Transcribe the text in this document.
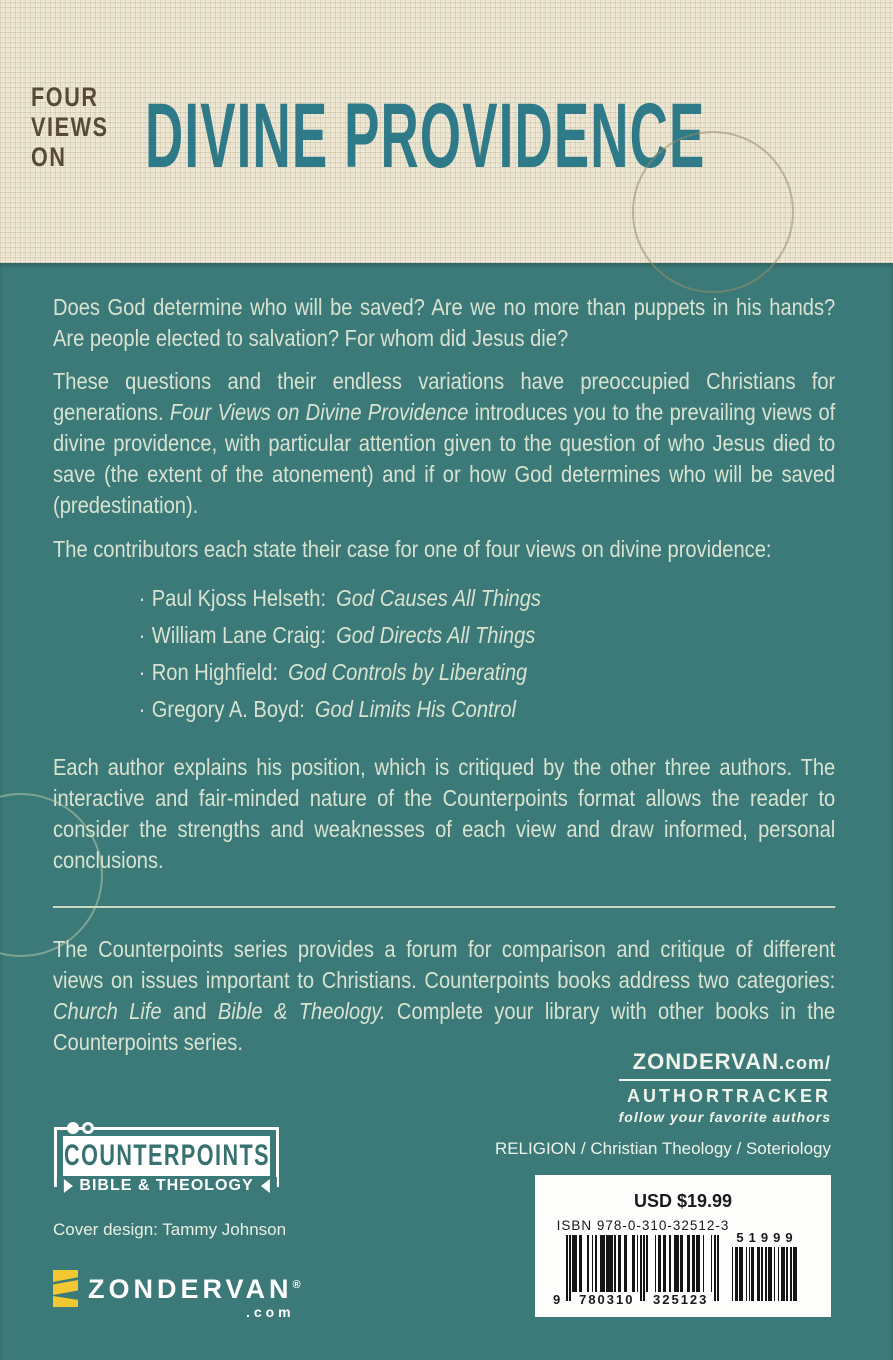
FOUR
VIEWS
ON DIVINE PROVIDENCE

Does God determine who will be saved? Are we no more than puppets in his hands? Are people elected to salvation? For whom did Jesus die?

These questions and their endless variations have preoccupied Christians for generations. Four Views on Divine Providence introduces you to the prevailing views of divine providence, with particular attention given to the question of who Jesus died to save (the extent of the atonement) and if or how God determines who will be saved (predestination).

The contributors each state their case for one of four views on divine providence:

· Paul Kjoss Helseth: God Causes All Things
· William Lane Craig: God Directs All Things
· Ron Highfield: God Controls by Liberating
· Gregory A. Boyd: God Limits His Control

Each author explains his position, which is critiqued by the other three authors. The interactive and fair-minded nature of the Counterpoints format allows the reader to consider the strengths and weaknesses of each view and draw informed, personal conclusions.

The Counterpoints series provides a forum for comparison and critique of different views on issues important to Christians. Counterpoints books address two categories: Church Life and Bible & Theology. Complete your library with other books in the Counterpoints series.

ZONDERVAN.com/
AUTHORTRACKER
follow your favorite authors
RELIGION / Christian Theology / Soteriology
COUNTERPOINTS
BIBLE & THEOLOGY
Cover design: Tammy Johnson
ZONDERVAN®
.com
USD $19.99
ISBN 978-0-310-32512-3
9	780310	325123
51999
